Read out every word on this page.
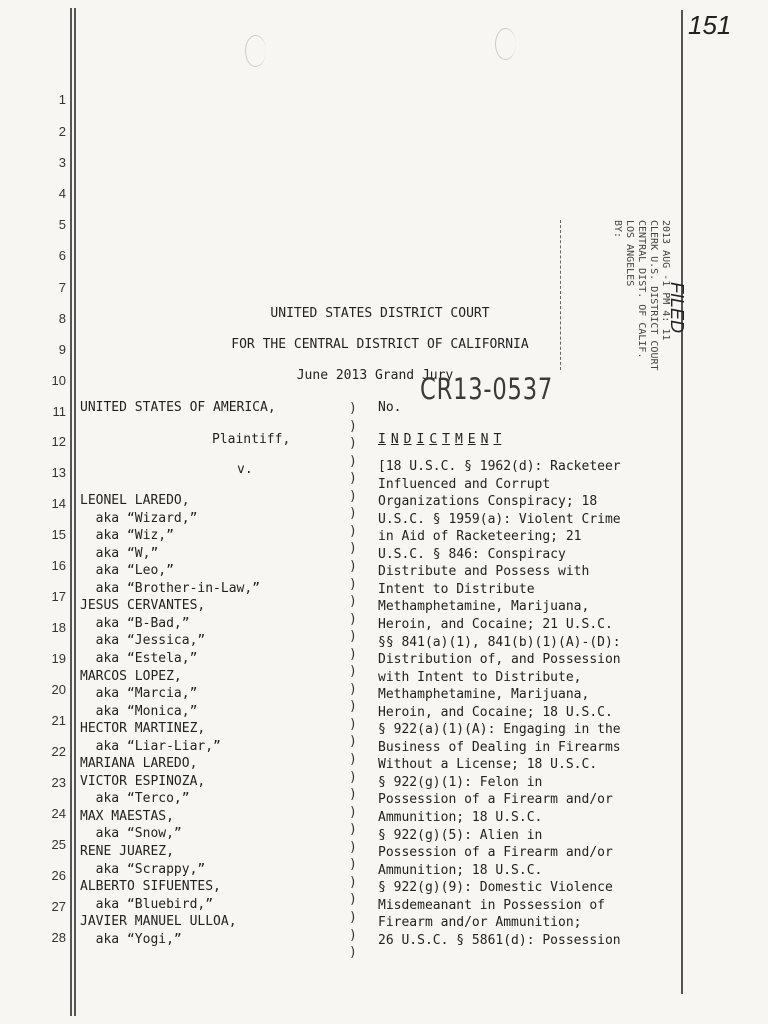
1
2
3
4
5
6
7
8
9
10
11
12
13
14
15
16
17
18
19
20
21
22
23
24
25
26
27
28
151
2013 AUG -1 PM 4: 11
CLERK U.S. DISTRICT COURT
CENTRAL DIST. OF CALIF.
LOS ANGELES
BY:
FILED
UNITED STATES DISTRICT COURT
FOR THE CENTRAL DISTRICT OF CALIFORNIA
June 2013 Grand Jury
UNITED STATES OF AMERICA,
Plaintiff,
v.
No.
CR13-0537
I N D I C T M E N T
LEONEL LAREDO,
aka “Wizard,”
aka “Wiz,”
aka “W,”
aka “Leo,”
aka “Brother-in-Law,”
JESUS CERVANTES,
aka “B-Bad,”
aka “Jessica,”
aka “Estela,”
MARCOS LOPEZ,
aka “Marcia,”
aka “Monica,”
HECTOR MARTINEZ,
aka “Liar-Liar,”
MARIANA LAREDO,
VICTOR ESPINOZA,
aka “Terco,”
MAX MAESTAS,
aka “Snow,”
RENE JUAREZ,
aka “Scrappy,”
ALBERTO SIFUENTES,
aka “Bluebird,”
JAVIER MANUEL ULLOA,
aka “Yogi,”
[18 U.S.C. § 1962(d): Racketeer
Influenced and Corrupt
Organizations Conspiracy; 18
U.S.C. § 1959(a): Violent Crime
in Aid of Racketeering; 21
U.S.C. § 846: Conspiracy
Distribute and Possess with
Intent to Distribute
Methamphetamine, Marijuana,
Heroin, and Cocaine; 21 U.S.C.
§§ 841(a)(1), 841(b)(1)(A)-(D):
Distribution of, and Possession
with Intent to Distribute,
Methamphetamine, Marijuana,
Heroin, and Cocaine; 18 U.S.C.
§ 922(a)(1)(A): Engaging in the
Business of Dealing in Firearms
Without a License; 18 U.S.C.
§ 922(g)(1): Felon in
Possession of a Firearm and/or
Ammunition; 18 U.S.C.
§ 922(g)(5): Alien in
Possession of a Firearm and/or
Ammunition; 18 U.S.C.
§ 922(g)(9): Domestic Violence
Misdemeanant in Possession of
Firearm and/or Ammunition;
26 U.S.C. § 5861(d): Possession
)
)
)
)
)
)
)
)
)
)
)
)
)
)
)
)
)
)
)
)
)
)
)
)
)
)
)
)
)
)
)
)
